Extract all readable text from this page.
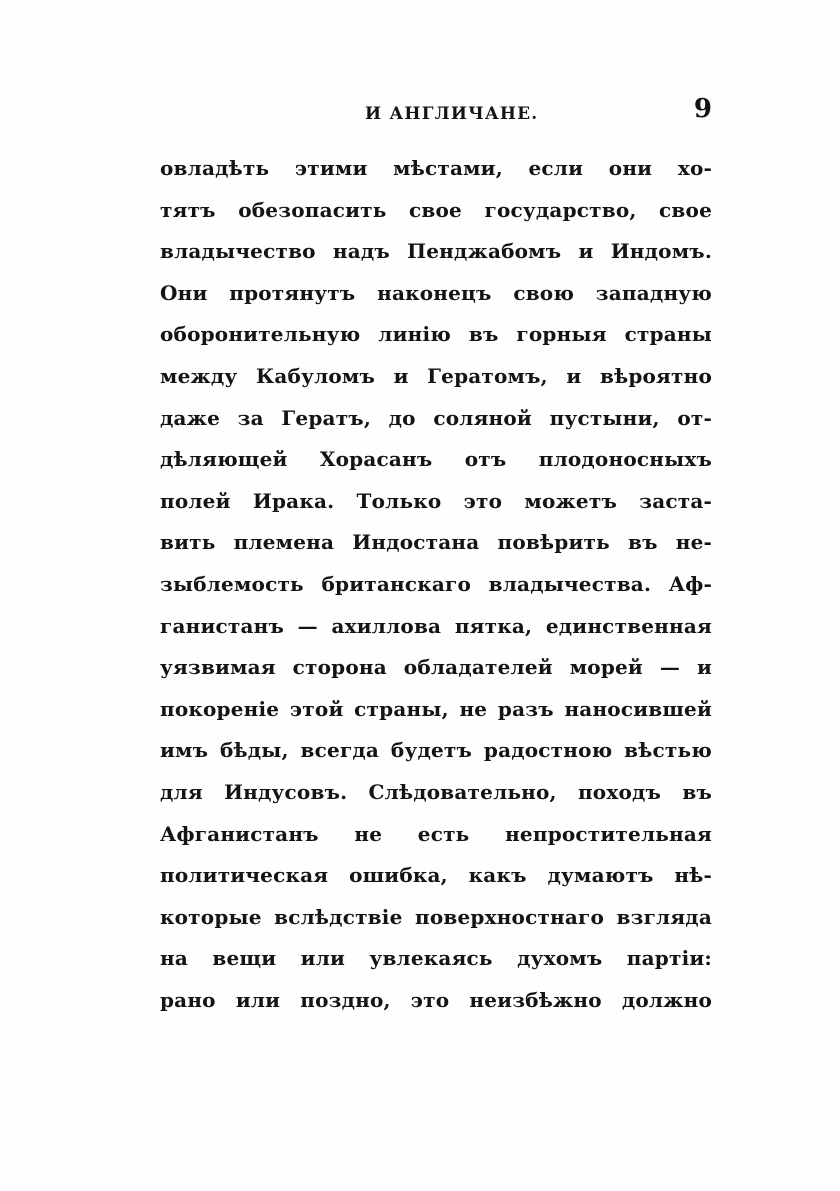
И АНГЛИЧАНЕ.	9
овладѣть этими мѣстами, если они хо-
тятъ обезопасить свое государство, свое
владычество надъ Пенджабомъ и Индомъ.
Они протянутъ наконецъ свою западную
оборонительную линію въ горныя страны
между Кабуломъ и Гератомъ, и вѣроятно
даже за Гератъ, до соляной пустыни, от-
дѣляющей Хорасанъ отъ плодоносныхъ
полей Ирака. Только это можетъ заста-
вить племена Индостана повѣрить въ не-
зыблемость британскаго владычества. Аф-
ганистанъ — ахиллова пятка, единственная
уязвимая сторона обладателей морей — и
покореніе этой страны, не разъ наносившей
имъ бѣды, всегда будетъ радостною вѣстью
для Индусовъ. Слѣдовательно, походъ въ
Афганистанъ не есть непростительная
политическая ошибка, какъ думаютъ нѣ-
которые вслѣдствіе поверхностнаго взгляда
на вещи или увлекаясь духомъ партіи:
рано или поздно, это неизбѣжно должно
